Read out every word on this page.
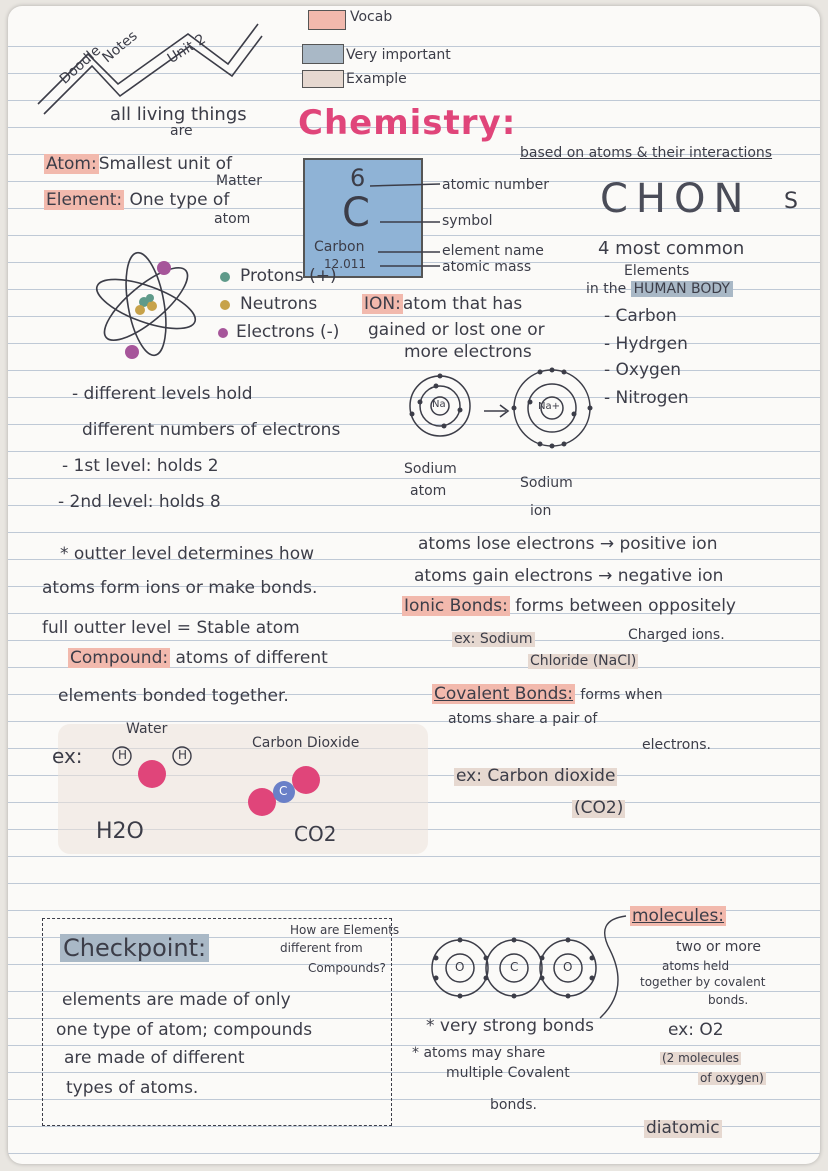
Doodle
Notes Unit 2
Vocab
Very important
Example
all living things
are	Chemistry:
based on atoms & their interactions
Atom: Smallest unit of
Matter
Element: One type of
atom
6
C
Carbon
12.011
atomic number
symbol
element name
atomic mass
CHON S
4 most common
Elements
in the HUMAN BODY
- Carbon
- Hydrgen
- Oxygen
- Nitrogen
Protons (+)
Neutrons
Electrons (-)
ION: atom that has
gained or lost one or
more electrons
Na	Na+
Sodium
atom	Sodium
ion
- different levels hold
different numbers of electrons
- 1st level: holds 2
- 2nd level: holds 8
* outter level determines how
atoms form ions or make bonds.
full outter level = Stable atom
atoms lose electrons → positive ion
atoms gain electrons → negative ion
Ionic Bonds: forms between oppositely
Charged ions.
ex: Sodium
Chloride (NaCl)
Compound: atoms of different
elements bonded together.	Covalent Bonds: forms when
atoms share a pair of
electrons.
ex: Carbon dioxide
(CO2)
ex:
Water
H	H
H2O
Carbon Dioxide
C
CO2
Checkpoint:
How are Elements
different from
Compounds?
elements are made of only
one type of atom; compounds
are made of different
types of atoms.
O	C	O
* very strong bonds
* atoms may share
multiple Covalent
bonds.
molecules:
two or more
atoms held
together by covalent
bonds.
ex: O2
(2 molecules
of oxygen)
diatomic
